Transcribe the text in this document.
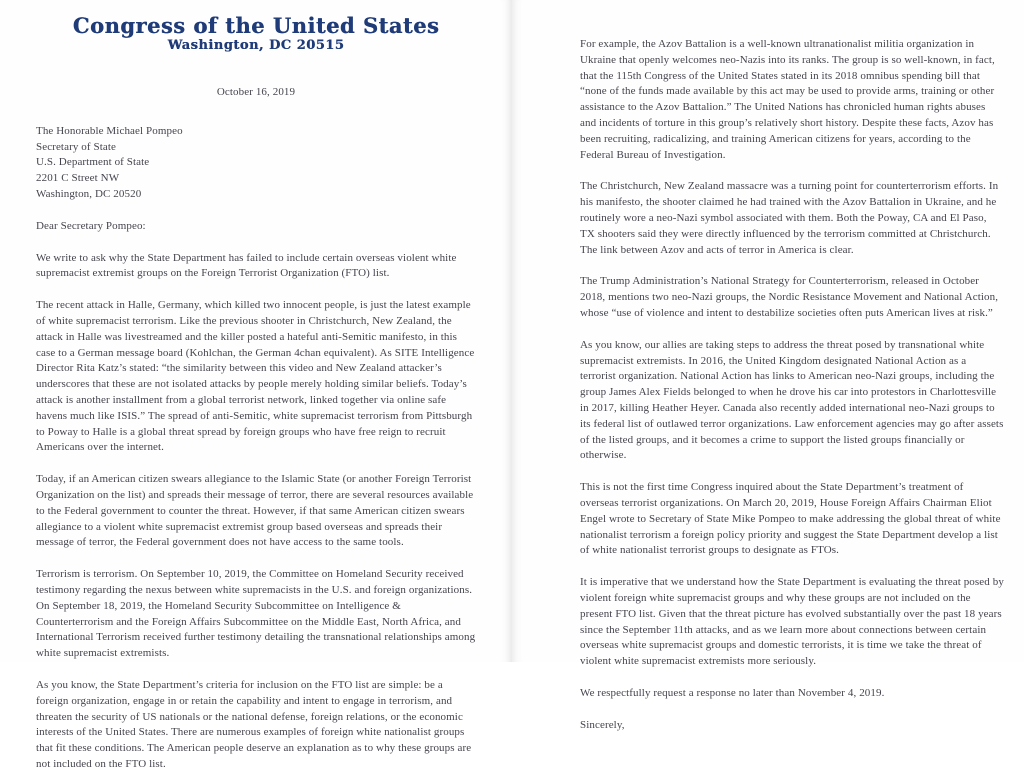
Congress of the United States
Washington, DC 20515
October 16, 2019
The Honorable Michael Pompeo
Secretary of State
U.S. Department of State
2201 C Street NW
Washington, DC 20520

Dear Secretary Pompeo:

We write to ask why the State Department has failed to include certain overseas violent white supremacist extremist groups on the Foreign Terrorist Organization (FTO) list.

The recent attack in Halle, Germany, which killed two innocent people, is just the latest example of white supremacist terrorism. Like the previous shooter in Christchurch, New Zealand, the attack in Halle was livestreamed and the killer posted a hateful anti-Semitic manifesto, in this case to a German message board (Kohlchan, the German 4chan equivalent). As SITE Intelligence Director Rita Katz’s stated: “the similarity between this video and New Zealand attacker’s underscores that these are not isolated attacks by people merely holding similar beliefs. Today’s attack is another installment from a global terrorist network, linked together via online safe havens much like ISIS.” The spread of anti-Semitic, white supremacist terrorism from Pittsburgh to Poway to Halle is a global threat spread by foreign groups who have free reign to recruit Americans over the internet.

Today, if an American citizen swears allegiance to the Islamic State (or another Foreign Terrorist Organization on the list) and spreads their message of terror, there are several resources available to the Federal government to counter the threat. However, if that same American citizen swears allegiance to a violent white supremacist extremist group based overseas and spreads their message of terror, the Federal government does not have access to the same tools.

Terrorism is terrorism. On September 10, 2019, the Committee on Homeland Security received testimony regarding the nexus between white supremacists in the U.S. and foreign organizations. On September 18, 2019, the Homeland Security Subcommittee on Intelligence & Counterterrorism and the Foreign Affairs Subcommittee on the Middle East, North Africa, and International Terrorism received further testimony detailing the transnational relationships among white supremacist extremists.

As you know, the State Department’s criteria for inclusion on the FTO list are simple: be a foreign organization, engage in or retain the capability and intent to engage in terrorism, and threaten the security of US nationals or the national defense, foreign relations, or the economic interests of the United States. There are numerous examples of foreign white nationalist groups that fit these conditions. The American people deserve an explanation as to why these groups are not included on the FTO list.

For example, the Azov Battalion is a well-known ultranationalist militia organization in Ukraine that openly welcomes neo-Nazis into its ranks. The group is so well-known, in fact, that the 115th Congress of the United States stated in its 2018 omnibus spending bill that “none of the funds made available by this act may be used to provide arms, training or other assistance to the Azov Battalion.” The United Nations has chronicled human rights abuses and incidents of torture in this group’s relatively short history. Despite these facts, Azov has been recruiting, radicalizing, and training American citizens for years, according to the Federal Bureau of Investigation.

The Christchurch, New Zealand massacre was a turning point for counterterrorism efforts. In his manifesto, the shooter claimed he had trained with the Azov Battalion in Ukraine, and he routinely wore a neo-Nazi symbol associated with them. Both the Poway, CA and El Paso, TX shooters said they were directly influenced by the terrorism committed at Christchurch. The link between Azov and acts of terror in America is clear.

The Trump Administration’s National Strategy for Counterterrorism, released in October 2018, mentions two neo-Nazi groups, the Nordic Resistance Movement and National Action, whose “use of violence and intent to destabilize societies often puts American lives at risk.”

As you know, our allies are taking steps to address the threat posed by transnational white supremacist extremists. In 2016, the United Kingdom designated National Action as a terrorist organization. National Action has links to American neo-Nazi groups, including the group James Alex Fields belonged to when he drove his car into protestors in Charlottesville in 2017, killing Heather Heyer. Canada also recently added international neo-Nazi groups to its federal list of outlawed terror organizations. Law enforcement agencies may go after assets of the listed groups, and it becomes a crime to support the listed groups financially or otherwise.

This is not the first time Congress inquired about the State Department’s treatment of overseas terrorist organizations. On March 20, 2019, House Foreign Affairs Chairman Eliot Engel wrote to Secretary of State Mike Pompeo to make addressing the global threat of white nationalist terrorism a foreign policy priority and suggest the State Department develop a list of white nationalist terrorist groups to designate as FTOs.

It is imperative that we understand how the State Department is evaluating the threat posed by violent foreign white supremacist groups and why these groups are not included on the present FTO list. Given that the threat picture has evolved substantially over the past 18 years since the September 11th attacks, and as we learn more about connections between certain overseas white supremacist groups and domestic terrorists, it is time we take the threat of violent white supremacist extremists more seriously.

We respectfully request a response no later than November 4, 2019.

Sincerely,
